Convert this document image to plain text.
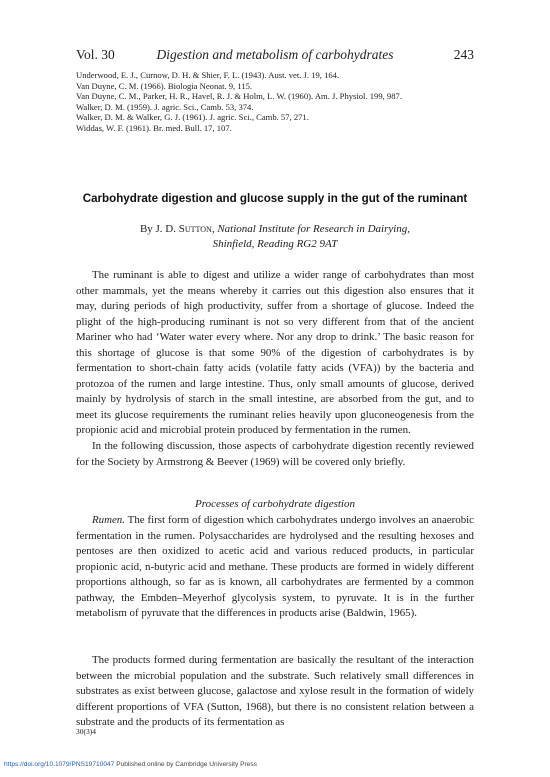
Vol. 30	Digestion and metabolism of carbohydrates	243
Underwood, E. J., Curnow, D. H. & Shier, F. L. (1943). Aust. vet. J. 19, 164.
Van Duyne, C. M. (1966). Biologia Neonat. 9, 115.
Van Duyne, C. M., Parker, H. R., Havel, R. J. & Holm, L. W. (1960). Am. J. Physiol. 199, 987.
Walker, D. M. (1959). J. agric. Sci., Camb. 53, 374.
Walker, D. M. & Walker, G. J. (1961). J. agric. Sci., Camb. 57, 271.
Widdas, W. F. (1961). Br. med. Bull. 17, 107.
Carbohydrate digestion and glucose supply in the gut of the ruminant
By J. D. Sutton, National Institute for Research in Dairying,
Shinfield, Reading RG2 9AT
The ruminant is able to digest and utilize a wider range of carbohydrates than most other mammals, yet the means whereby it carries out this digestion also ensures that it may, during periods of high productivity, suffer from a shortage of glucose. Indeed the plight of the high-producing ruminant is not so very different from that of the ancient Mariner who had ‘Water water every where. Nor any drop to drink.’ The basic reason for this shortage of glucose is that some 90% of the digestion of carbohydrates is by fermentation to short-chain fatty acids (volatile fatty acids (VFA)) by the bacteria and protozoa of the rumen and large intestine. Thus, only small amounts of glucose, derived mainly by hydrolysis of starch in the small intestine, are absorbed from the gut, and to meet its glucose requirements the ruminant relies heavily upon gluconeogenesis from the propionic acid and microbial protein produced by fermentation in the rumen.
In the following discussion, those aspects of carbohydrate digestion recently reviewed for the Society by Armstrong & Beever (1969) will be covered only briefly.
Processes of carbohydrate digestion
Rumen. The first form of digestion which carbohydrates undergo involves an anaerobic fermentation in the rumen. Polysaccharides are hydrolysed and the resulting hexoses and pentoses are then oxidized to acetic acid and various reduced products, in particular propionic acid, n-butyric acid and methane. These products are formed in widely different proportions although, so far as is known, all carbohydrates are fermented by a common pathway, the Embden–Meyerhof glycolysis system, to pyruvate. It is in the further metabolism of pyruvate that the differences in products arise (Baldwin, 1965).
The products formed during fermentation are basically the resultant of the interaction between the microbial population and the substrate. Such relatively small differences in substrates as exist between glucose, galactose and xylose result in the formation of widely different proportions of VFA (Sutton, 1968), but there is no consistent relation between a substrate and the products of its fermentation as
30(3)4
https://doi.org/10.1079/PNS19710047 Published online by Cambridge University Press
